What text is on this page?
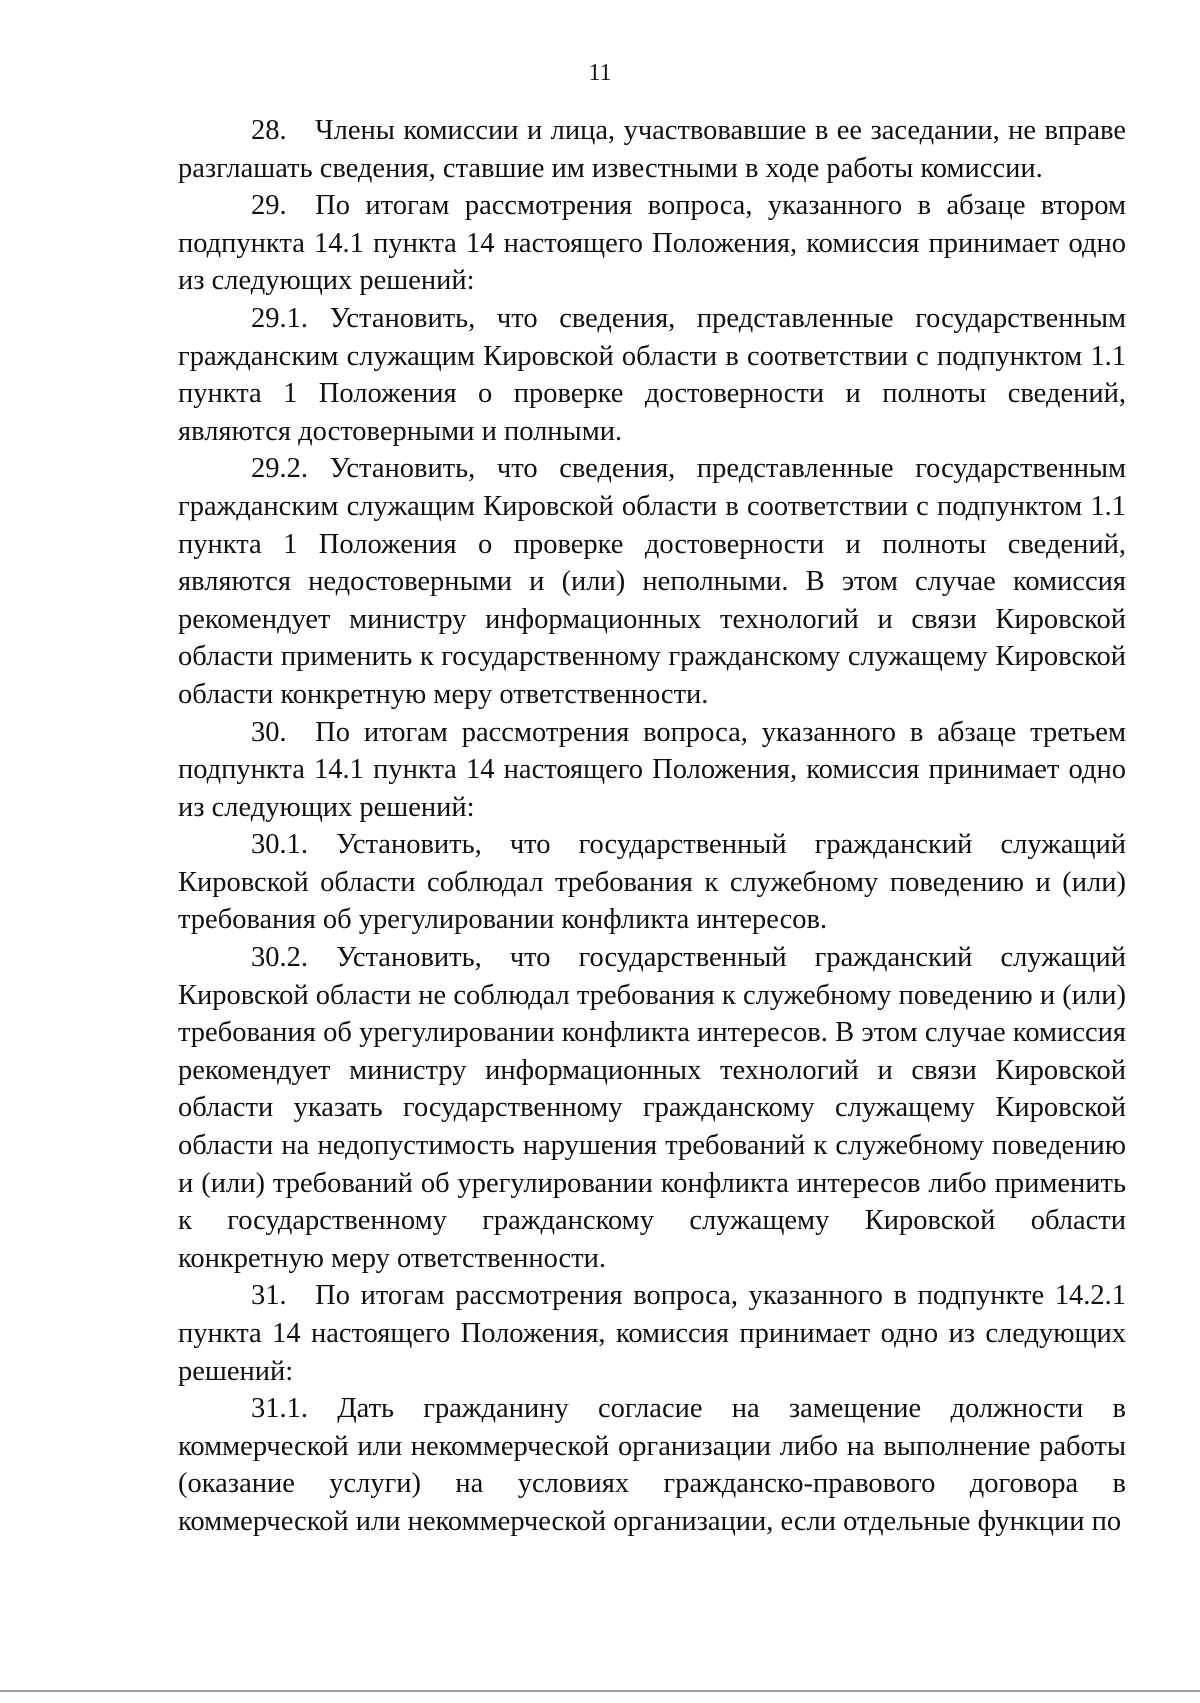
11

28. Члены комиссии и лица, участвовавшие в ее заседании, не вправе разглашать сведения, ставшие им известными в ходе работы комиссии.

29. По итогам рассмотрения вопроса, указанного в абзаце втором подпункта 14.1 пункта 14 настоящего Положения, комиссия принимает одно из следующих решений:

29.1. Установить, что сведения, представленные государственным гражданским служащим Кировской области в соответствии с подпунктом 1.1 пункта 1 Положения о проверке достоверности и полноты сведений, являются достоверными и полными.

29.2. Установить, что сведения, представленные государственным гражданским служащим Кировской области в соответствии с подпунктом 1.1 пункта 1 Положения о проверке достоверности и полноты сведений, являются недостоверными и (или) неполными. В этом случае комиссия рекомендует министру информационных технологий и связи Кировской области применить к государственному гражданскому служащему Кировской области конкретную меру ответственности.

30. По итогам рассмотрения вопроса, указанного в абзаце третьем подпункта 14.1 пункта 14 настоящего Положения, комиссия принимает одно из следующих решений:

30.1. Установить, что государственный гражданский служащий Кировской области соблюдал требования к служебному поведению и (или) требования об урегулировании конфликта интересов.

30.2. Установить, что государственный гражданский служащий Кировской области не соблюдал требования к служебному поведению и (или) требования об урегулировании конфликта интересов. В этом случае комиссия рекомендует министру информационных технологий и связи Кировской области указать государственному гражданскому служащему Кировской области на недопустимость нарушения требований к служебному поведению и (или) требований об урегулировании конфликта интересов либо применить к государственному гражданскому служащему Кировской области конкретную меру ответственности.

31. По итогам рассмотрения вопроса, указанного в подпункте 14.2.1 пункта 14 настоящего Положения, комиссия принимает одно из следующих решений:

31.1. Дать гражданину согласие на замещение должности в коммерческой или некоммерческой организации либо на выполнение работы (оказание услуги) на условиях гражданско-правового договора в коммерческой или некоммерческой организации, если отдельные функции по
